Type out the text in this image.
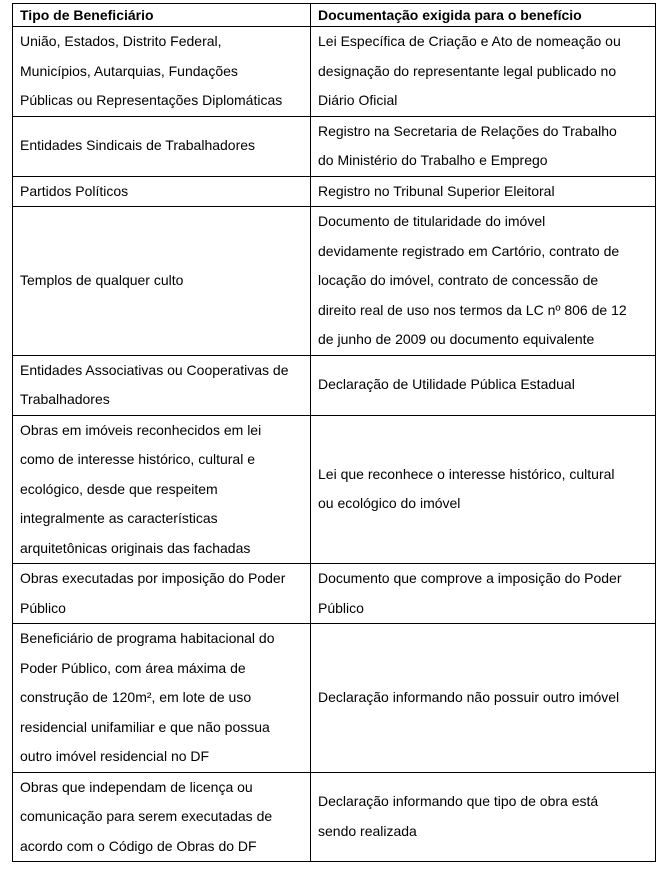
Tipo de Beneficiário	Documentação exigida para o benefício

União, Estados, Distrito Federal,
Municípios, Autarquias, Fundações
Públicas ou Representações Diplomáticas	Lei Específica de Criação e Ato de nomeação ou
designação do representante legal publicado no
Diário Oficial

Entidades Sindicais de Trabalhadores	Registro na Secretaria de Relações do Trabalho
do Ministério do Trabalho e Emprego

Partidos Políticos	Registro no Tribunal Superior Eleitoral

Templos de qualquer culto	Documento de titularidade do imóvel
devidamente registrado em Cartório, contrato de
locação do imóvel, contrato de concessão de
direito real de uso nos termos da LC nº 806 de 12
de junho de 2009 ou documento equivalente

Entidades Associativas ou Cooperativas de
Trabalhadores	Declaração de Utilidade Pública Estadual

Obras em imóveis reconhecidos em lei
como de interesse histórico, cultural e
ecológico, desde que respeitem
integralmente as características
arquitetônicas originais das fachadas	Lei que reconhece o interesse histórico, cultural
ou ecológico do imóvel

Obras executadas por imposição do Poder
Público	Documento que comprove a imposição do Poder
Público

Beneficiário de programa habitacional do
Poder Público, com área máxima de
construção de 120m², em lote de uso
residencial unifamiliar e que não possua
outro imóvel residencial no DF	Declaração informando não possuir outro imóvel

Obras que independam de licença ou
comunicação para serem executadas de
acordo com o Código de Obras do DF	Declaração informando que tipo de obra está
sendo realizada
